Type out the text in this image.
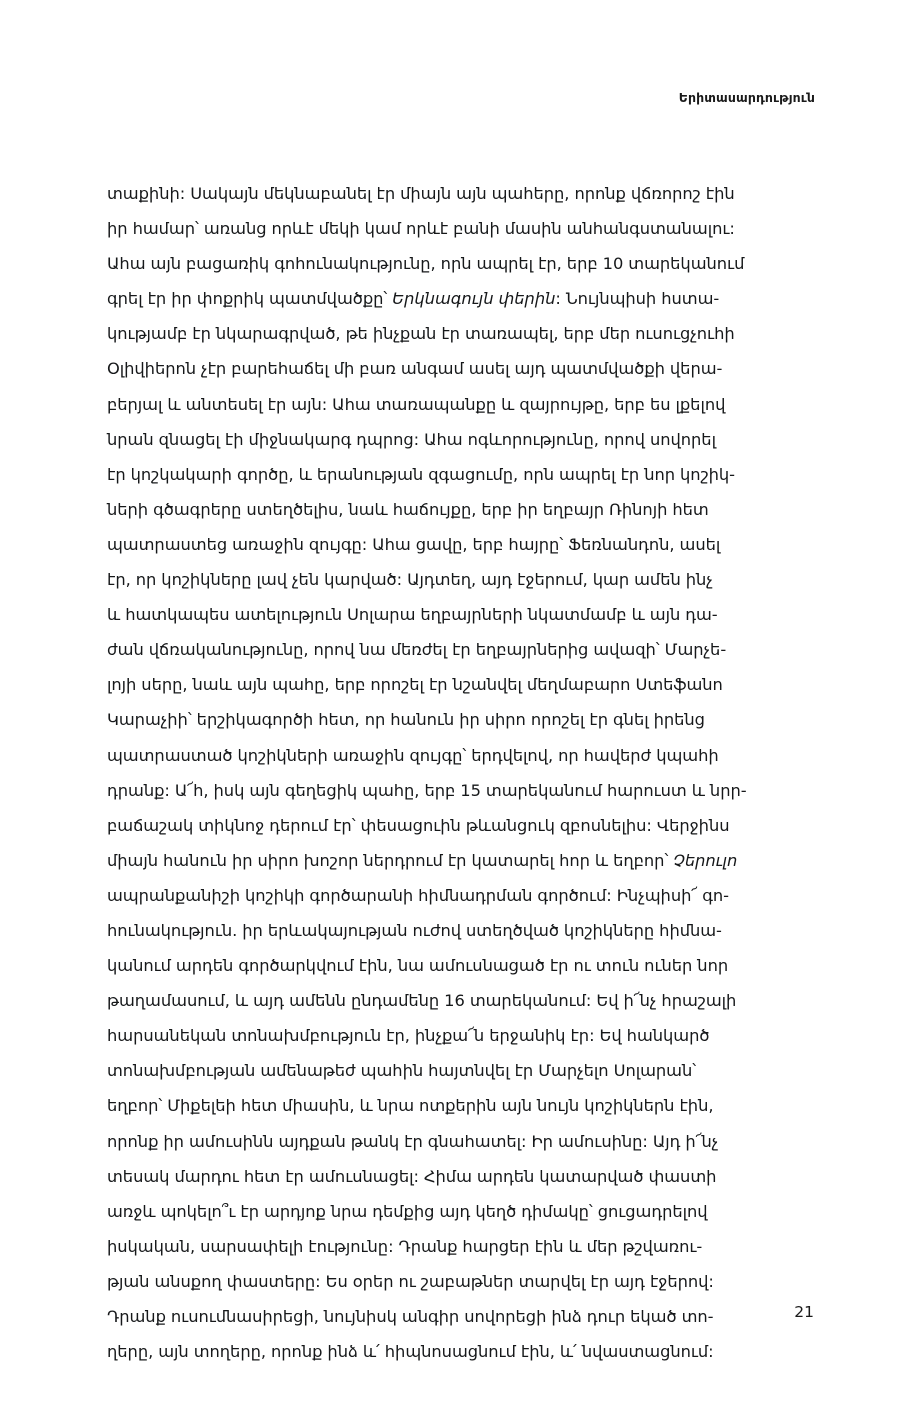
Երիտասարդություն
տաքինի: Սակայն մեկնաբանել էր միայն այն պահերը, որոնք վճռորոշ էին
իր համար՝ առանց որևէ մեկի կամ որևէ բանի մասին անհանգստանալու:
Ահա այն բացառիկ գոհունակությունը, որն ապրել էր, երբ 10 տարեկանում
գրել էր իր փոքրիկ պատմվածքը՝ Երկնագույն փերին: Նույնպիսի հստա-
կությամբ էր նկարագրված, թե ինչքան էր տառապել, երբ մեր ուսուցչուհի
Օլիվիերոն չէր բարեհաճել մի բառ անգամ ասել այդ պատմվածքի վերա-
բերյալ և անտեսել էր այն: Ահա տառապանքը և զայրույթը, երբ ես լքելով
նրան զնացել էի միջնակարգ դպրոց: Ահա ոգևորությունը, որով սովորել
էր կոշկակարի գործը, և երանության զգացումը, որն ապրել էր նոր կոշիկ-
ների գծագրերը ստեղծելիս, նաև հաճույքը, երբ իր եղբայր Ռինոյի հետ
պատրաստեց առաջին զույգը: Ահա ցավը, երբ հայրը՝ Ֆեռնանդոն, ասել
էր, որ կոշիկները լավ չեն կարված: Այդտեղ, այդ էջերում, կար ամեն ինչ
և հատկապես ատելություն Սոլարա եղբայրների նկատմամբ և այն դա-
ժան վճռականությունը, որով նա մեռժել էր եղբայրներից ավազի՝ Մարչե-
լոյի սերը, նաև այն պահը, երբ որոշել էր նշանվել մեղմաբարո Ստեֆանո
Կարաչիի՝ երշիկագործի հետ, որ հանուն իր սիրո որոշել էր գնել իրենց
պատրաստած կոշիկների առաջին զույգը՝ երդվելով, որ հավերժ կպահի
դրանք: Ա՜հ, իսկ այն գեղեցիկ պահը, երբ 15 տարեկանում հարուստ և նրր-
բաճաշակ տիկնոջ դերում էր՝ փեսացուին թևանցուկ զբոսնելիս: Վերջինս
միայն հանուն իր սիրո խոշոր ներդրում էր կատարել հոր և եղբոր՝ Չերուլո
ապրանքանիշի կոշիկի գործարանի հիմնադրման գործում: Ինչպիսի՜ գո-
հունակություն. իր երևակայության ուժով ստեղծված կոշիկները հիմնա-
կանում արդեն գործարկվում էին, նա ամուսնացած էր ու տուն ուներ նոր
թաղամասում, և այդ ամենն ընդամենը 16 տարեկանում: Եվ ի՜նչ հրաշալի
հարսանեկան տոնախմբություն էր, ինչքա՜ն երջանիկ էր: Եվ հանկարծ
տոնախմբության ամենաթեժ պահին հայտնվել էր Մարչելո Սոլարան՝
եղբոր՝ Միքելեի հետ միասին, և նրա ոտքերին այն նույն կոշիկներն էին,
որոնք իր ամուսինն այդքան թանկ էր գնահատել: Իր ամուսինը: Այդ ի՜նչ
տեսակ մարդու հետ էր ամուսնացել: Հիմա արդեն կատարված փաստի
առջև պոկելո՞ւ էր արդյոք նրա դեմքից այդ կեղծ դիմակը՝ ցուցադրելով
իսկական, սարսափելի էությունը: Դրանք հարցեր էին և մեր թշվառու-
թյան անսքող փաստերը: Ես օրեր ու շաբաթներ տարվել էր այդ էջերով:
Դրանք ուսումնասիրեցի, նույնիսկ անգիր սովորեցի ինձ դուր եկած տո-
ղերը, այն տողերը, որոնք ինձ և՛ հիպնոսացնում էին, և՛ նվաստացնում:
21
